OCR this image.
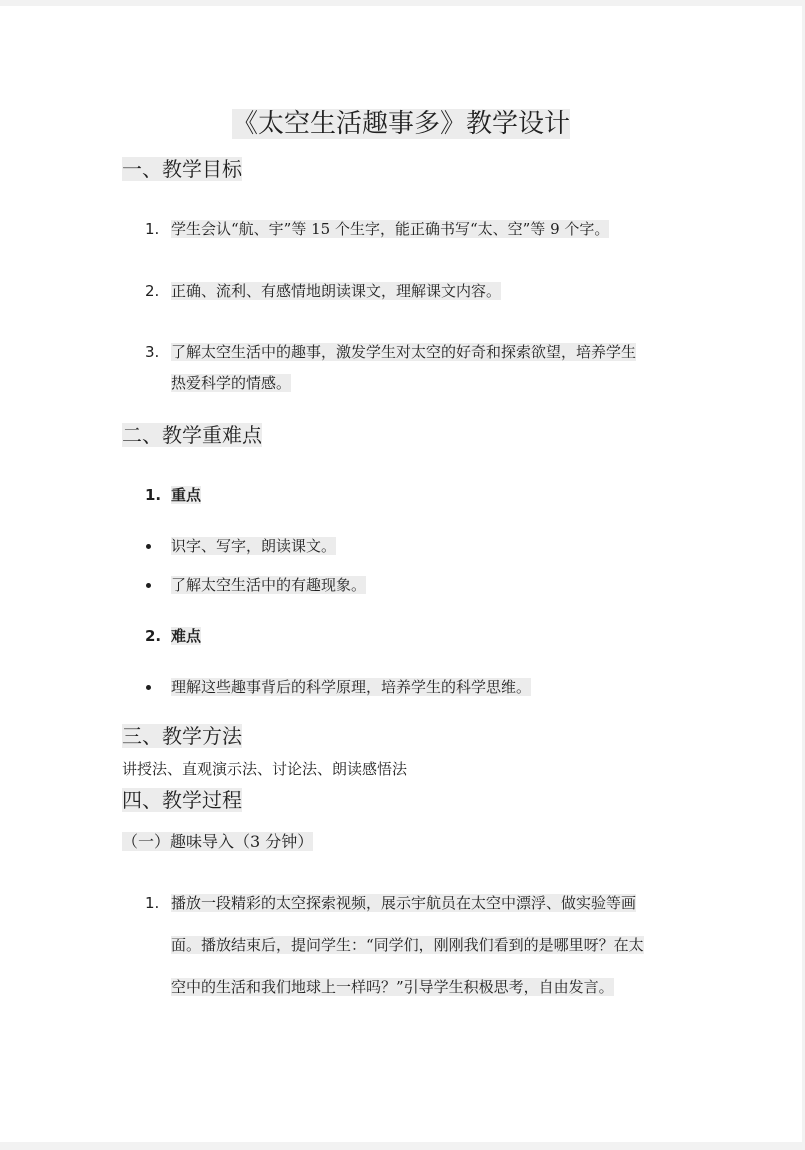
《太空生活趣事多》教学设计
一、教学目标
1. 学生会认“航、宇”等 15 个生字，能正确书写“太、空”等 9 个字。
2. 正确、流利、有感情地朗读课文，理解课文内容。
3. 了解太空生活中的趣事，激发学生对太空的好奇和探索欲望，培养学生
热爱科学的情感。
二、教学重难点
1. 重点
识字、写字，朗读课文。
了解太空生活中的有趣现象。
2. 难点
理解这些趣事背后的科学原理，培养学生的科学思维。
三、教学方法
讲授法、直观演示法、讨论法、朗读感悟法
四、教学过程
（一）趣味导入（3 分钟）
1. 播放一段精彩的太空探索视频，展示宇航员在太空中漂浮、做实验等画
面。播放结束后，提问学生：“同学们，刚刚我们看到的是哪里呀？在太
空中的生活和我们地球上一样吗？”引导学生积极思考，自由发言。
